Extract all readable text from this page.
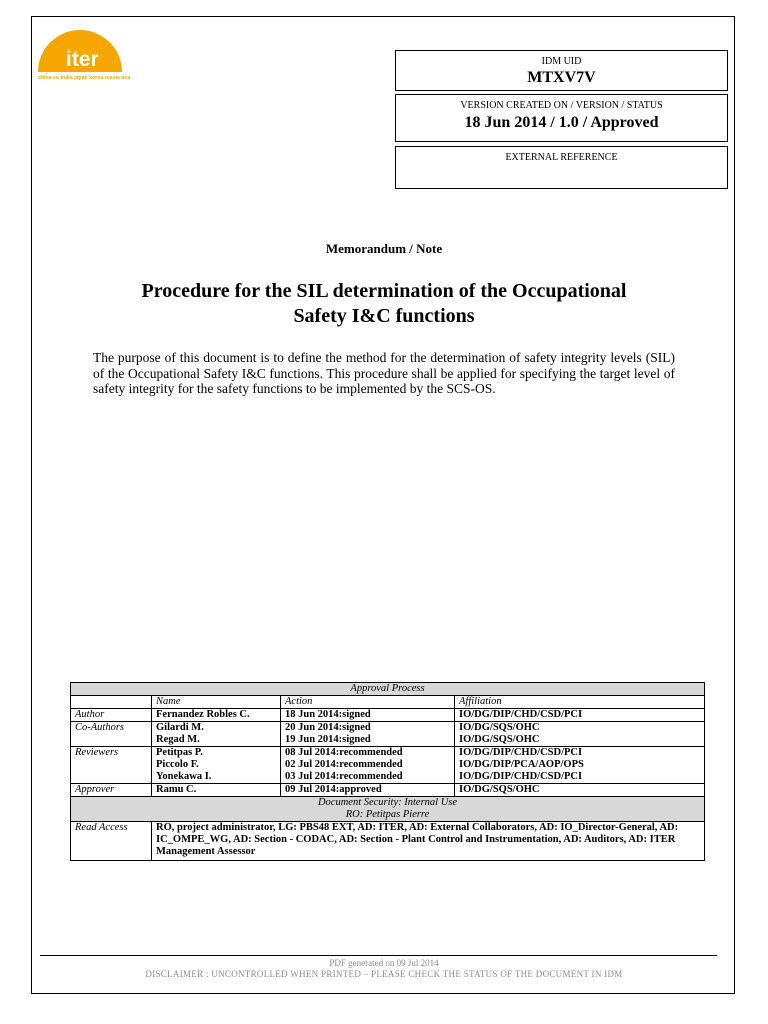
iter
china eu india japan korea russia usa
IDM UID
MTXV7V
VERSION CREATED ON / VERSION / STATUS
18 Jun 2014 / 1.0 / Approved
EXTERNAL REFERENCE
Memorandum / Note
Procedure for the SIL determination of the Occupational
Safety I&C functions
The purpose of this document is to define the method for the determination of safety integrity levels (SIL) of the Occupational Safety I&C functions. This procedure shall be applied for specifying the target level of safety integrity for the safety functions to be implemented by the SCS-OS.
Approval Process			
	Name	Action	Affiliation
Author	Fernandez Robles C.	18 Jun 2014:signed	IO/DG/DIP/CHD/CSD/PCI
Co-Authors	Gilardi M.	20 Jun 2014:signed	IO/DG/SQS/OHC
	Regad M.	19 Jun 2014:signed	IO/DG/SQS/OHC
Reviewers	Petitpas P.	08 Jul 2014:recommended	IO/DG/DIP/CHD/CSD/PCI
	Piccolo F.	02 Jul 2014:recommended	IO/DG/DIP/PCA/AOP/OPS
	Yonekawa I.	03 Jul 2014:recommended	IO/DG/DIP/CHD/CSD/PCI
Approver	Ramu C.	09 Jul 2014:approved	IO/DG/SQS/OHC

Document Security: Internal Use
RO: Petitpas Pierre			

Read Access	RO, project administrator, LG: PBS48 EXT, AD: ITER, AD: External Collaborators, AD: IO_Director-General, AD: IC_OMPE_WG, AD: Section - CODAC, AD: Section - Plant Control and Instrumentation, AD: Auditors, AD: ITER Management Assessor		
PDF generated on 09 Jul 2014
DISCLAIMER : UNCONTROLLED WHEN PRINTED – PLEASE CHECK THE STATUS OF THE DOCUMENT IN IDM
